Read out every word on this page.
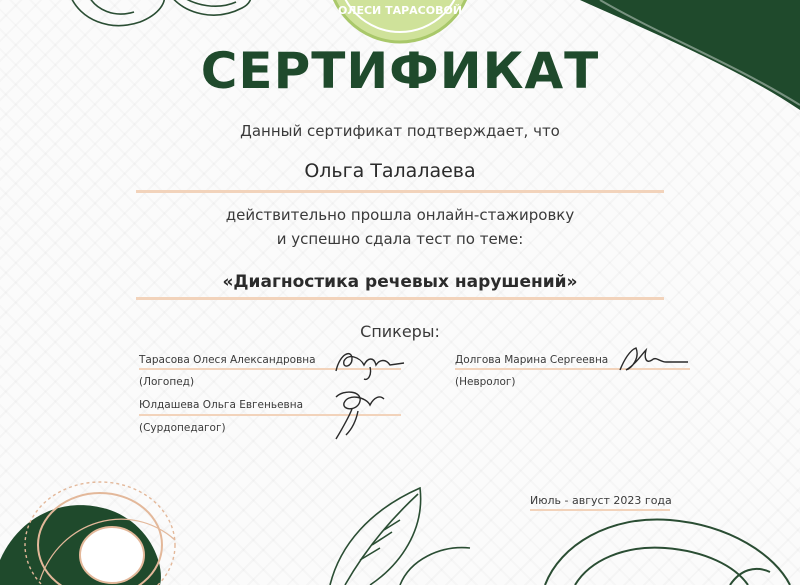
ОЛЕСИ ТАРАСОВОЙ
СЕРТИФИКАТ
Данный сертификат подтверждает, что
Ольга Талалаева
действительно прошла онлайн-стажировку
и успешно сдала тест по теме:
«Диагностика речевых нарушений»
Спикеры:
Тарасова Олеся Александровна
(Логопед)
Долгова Марина Сергеевна
(Невролог)
Юлдашева Ольга Евгеньевна
(Сурдопедагог)
Июль - август 2023 года
